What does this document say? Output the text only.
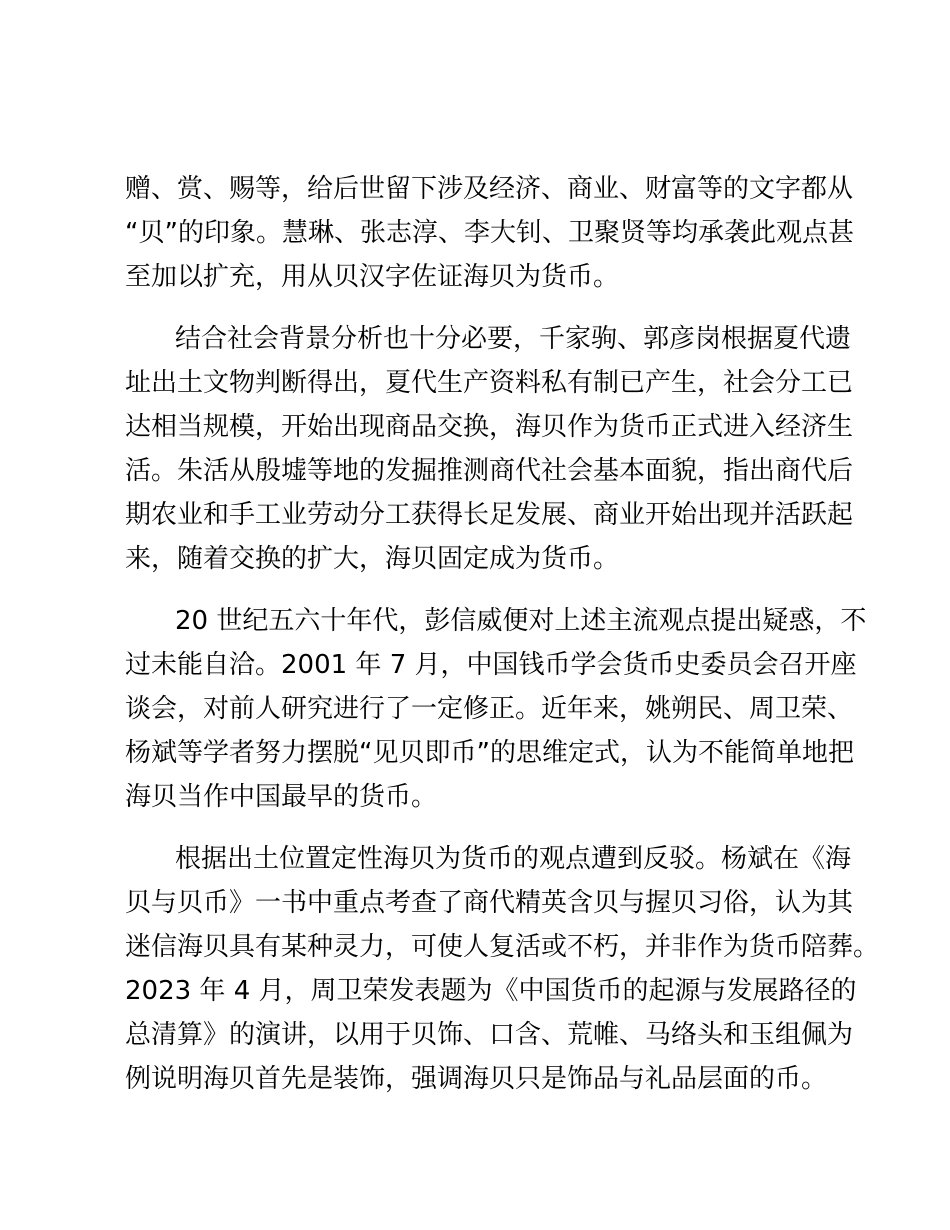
赠、赏、赐等，给后世留下涉及经济、商业、财富等的文字都从
“贝”的印象。慧琳、张志淳、李大钊、卫聚贤等均承袭此观点甚
至加以扩充，用从贝汉字佐证海贝为货币。
结合社会背景分析也十分必要，千家驹、郭彦岗根据夏代遗
址出土文物判断得出，夏代生产资料私有制已产生，社会分工已
达相当规模，开始出现商品交换，海贝作为货币正式进入经济生
活。朱活从殷墟等地的发掘推测商代社会基本面貌，指出商代后
期农业和手工业劳动分工获得长足发展、商业开始出现并活跃起
来，随着交换的扩大，海贝固定成为货币。
20 世纪五六十年代，彭信威便对上述主流观点提出疑惑，不
过未能自洽。2001 年 7 月，中国钱币学会货币史委员会召开座
谈会，对前人研究进行了一定修正。近年来，姚朔民、周卫荣、
杨斌等学者努力摆脱“见贝即币”的思维定式，认为不能简单地把
海贝当作中国最早的货币。
根据出土位置定性海贝为货币的观点遭到反驳。杨斌在《海
贝与贝币》一书中重点考查了商代精英含贝与握贝习俗，认为其
迷信海贝具有某种灵力，可使人复活或不朽，并非作为货币陪葬。
2023 年 4 月，周卫荣发表题为《中国货币的起源与发展路径的
总清算》的演讲，以用于贝饰、口含、荒帷、马络头和玉组佩为
例说明海贝首先是装饰，强调海贝只是饰品与礼品层面的币。
